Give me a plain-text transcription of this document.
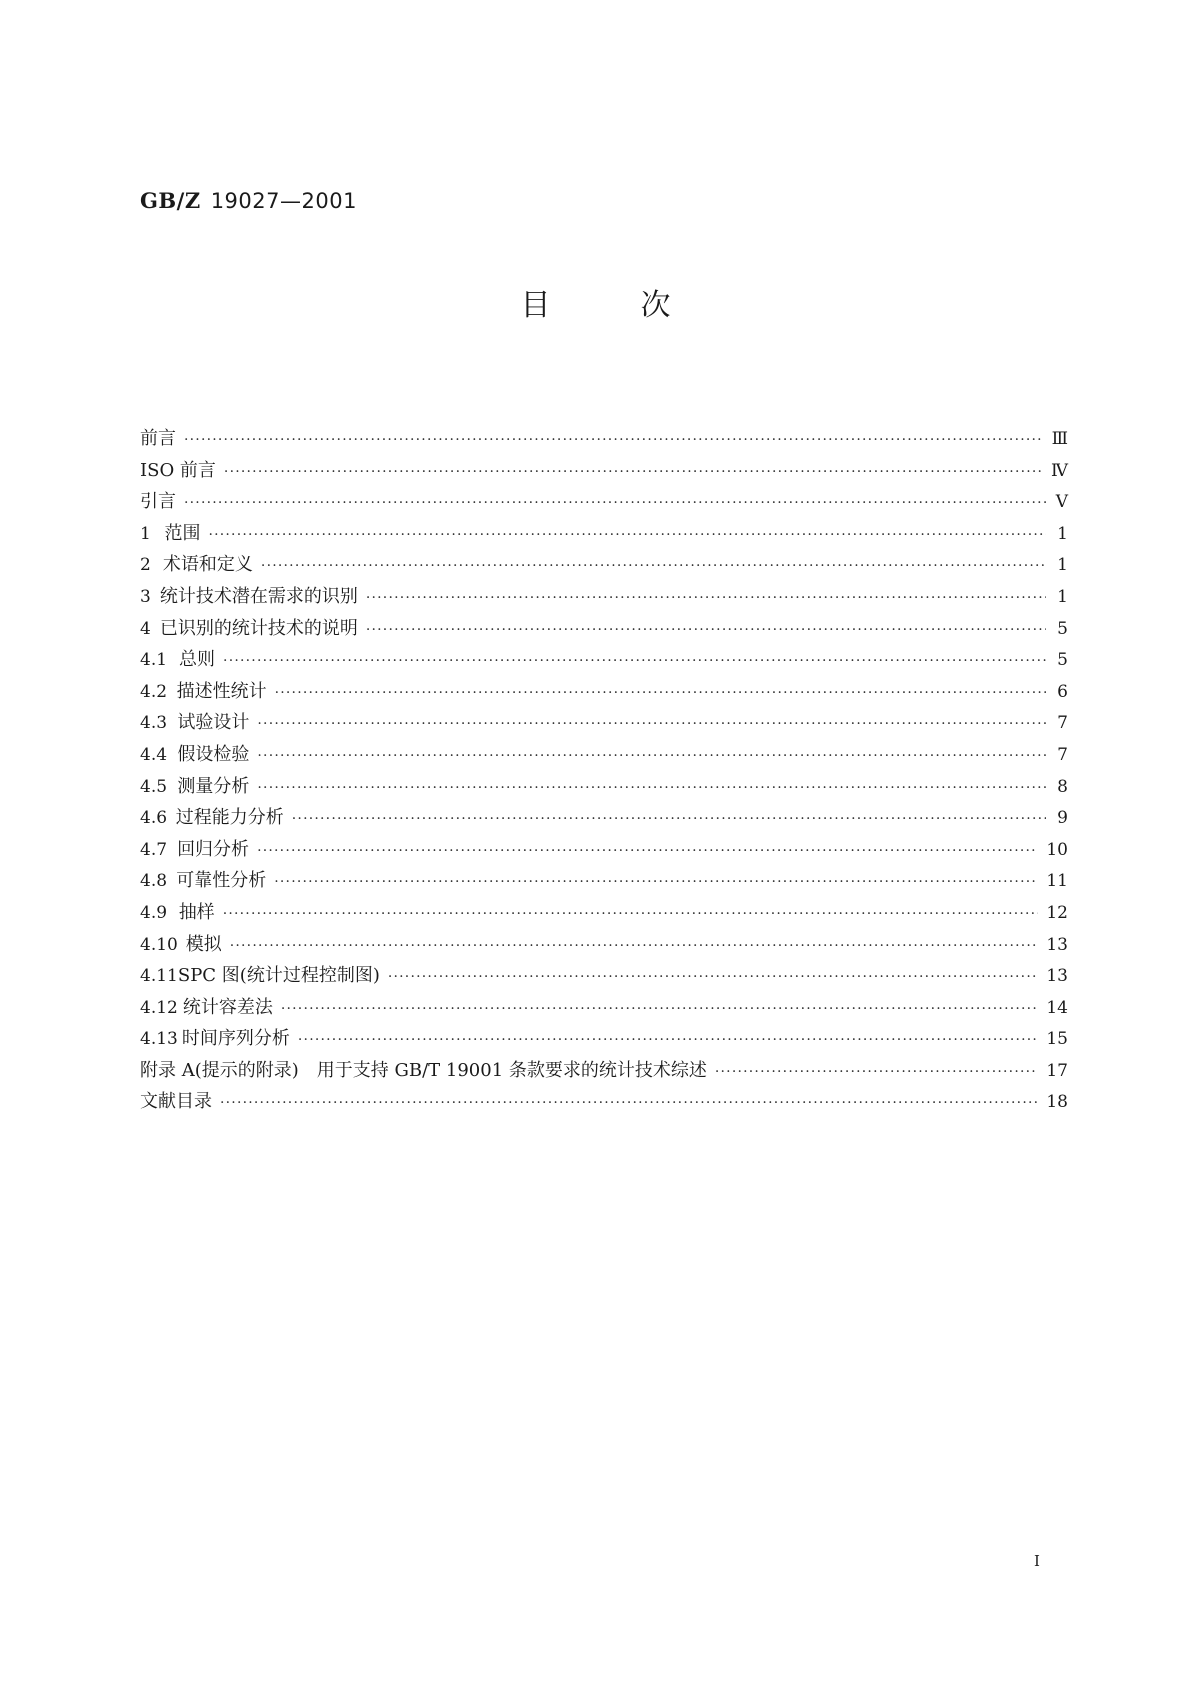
GB/Z 19027—2001
目次
前言 ·····	Ⅲ
ISO 前言 ·····	Ⅳ
引言 ·····	Ⅴ
1 范围 ·····	1
2 术语和定义 ·····	1
3 统计技术潜在需求的识别 ·····	1
4 已识别的统计技术的说明 ·····	5
4.1 总则 ·····	5
4.2 描述性统计 ·····	6
4.3 试验设计 ·····	7
4.4 假设检验 ·····	7
4.5 测量分析 ·····	8
4.6 过程能力分析 ·····	9
4.7 回归分析 ·····	10
4.8 可靠性分析 ·····	11
4.9 抽样 ·····	12
4.10 模拟 ·····	13
4.11 SPC 图(统计过程控制图) ·····	13
4.12 统计容差法 ·····	14
4.13 时间序列分析 ·····	15
附录 A(提示的附录)　用于支持 GB/T 19001 条款要求的统计技术综述 ·····	17
文献目录 ·····	18
Ⅰ
